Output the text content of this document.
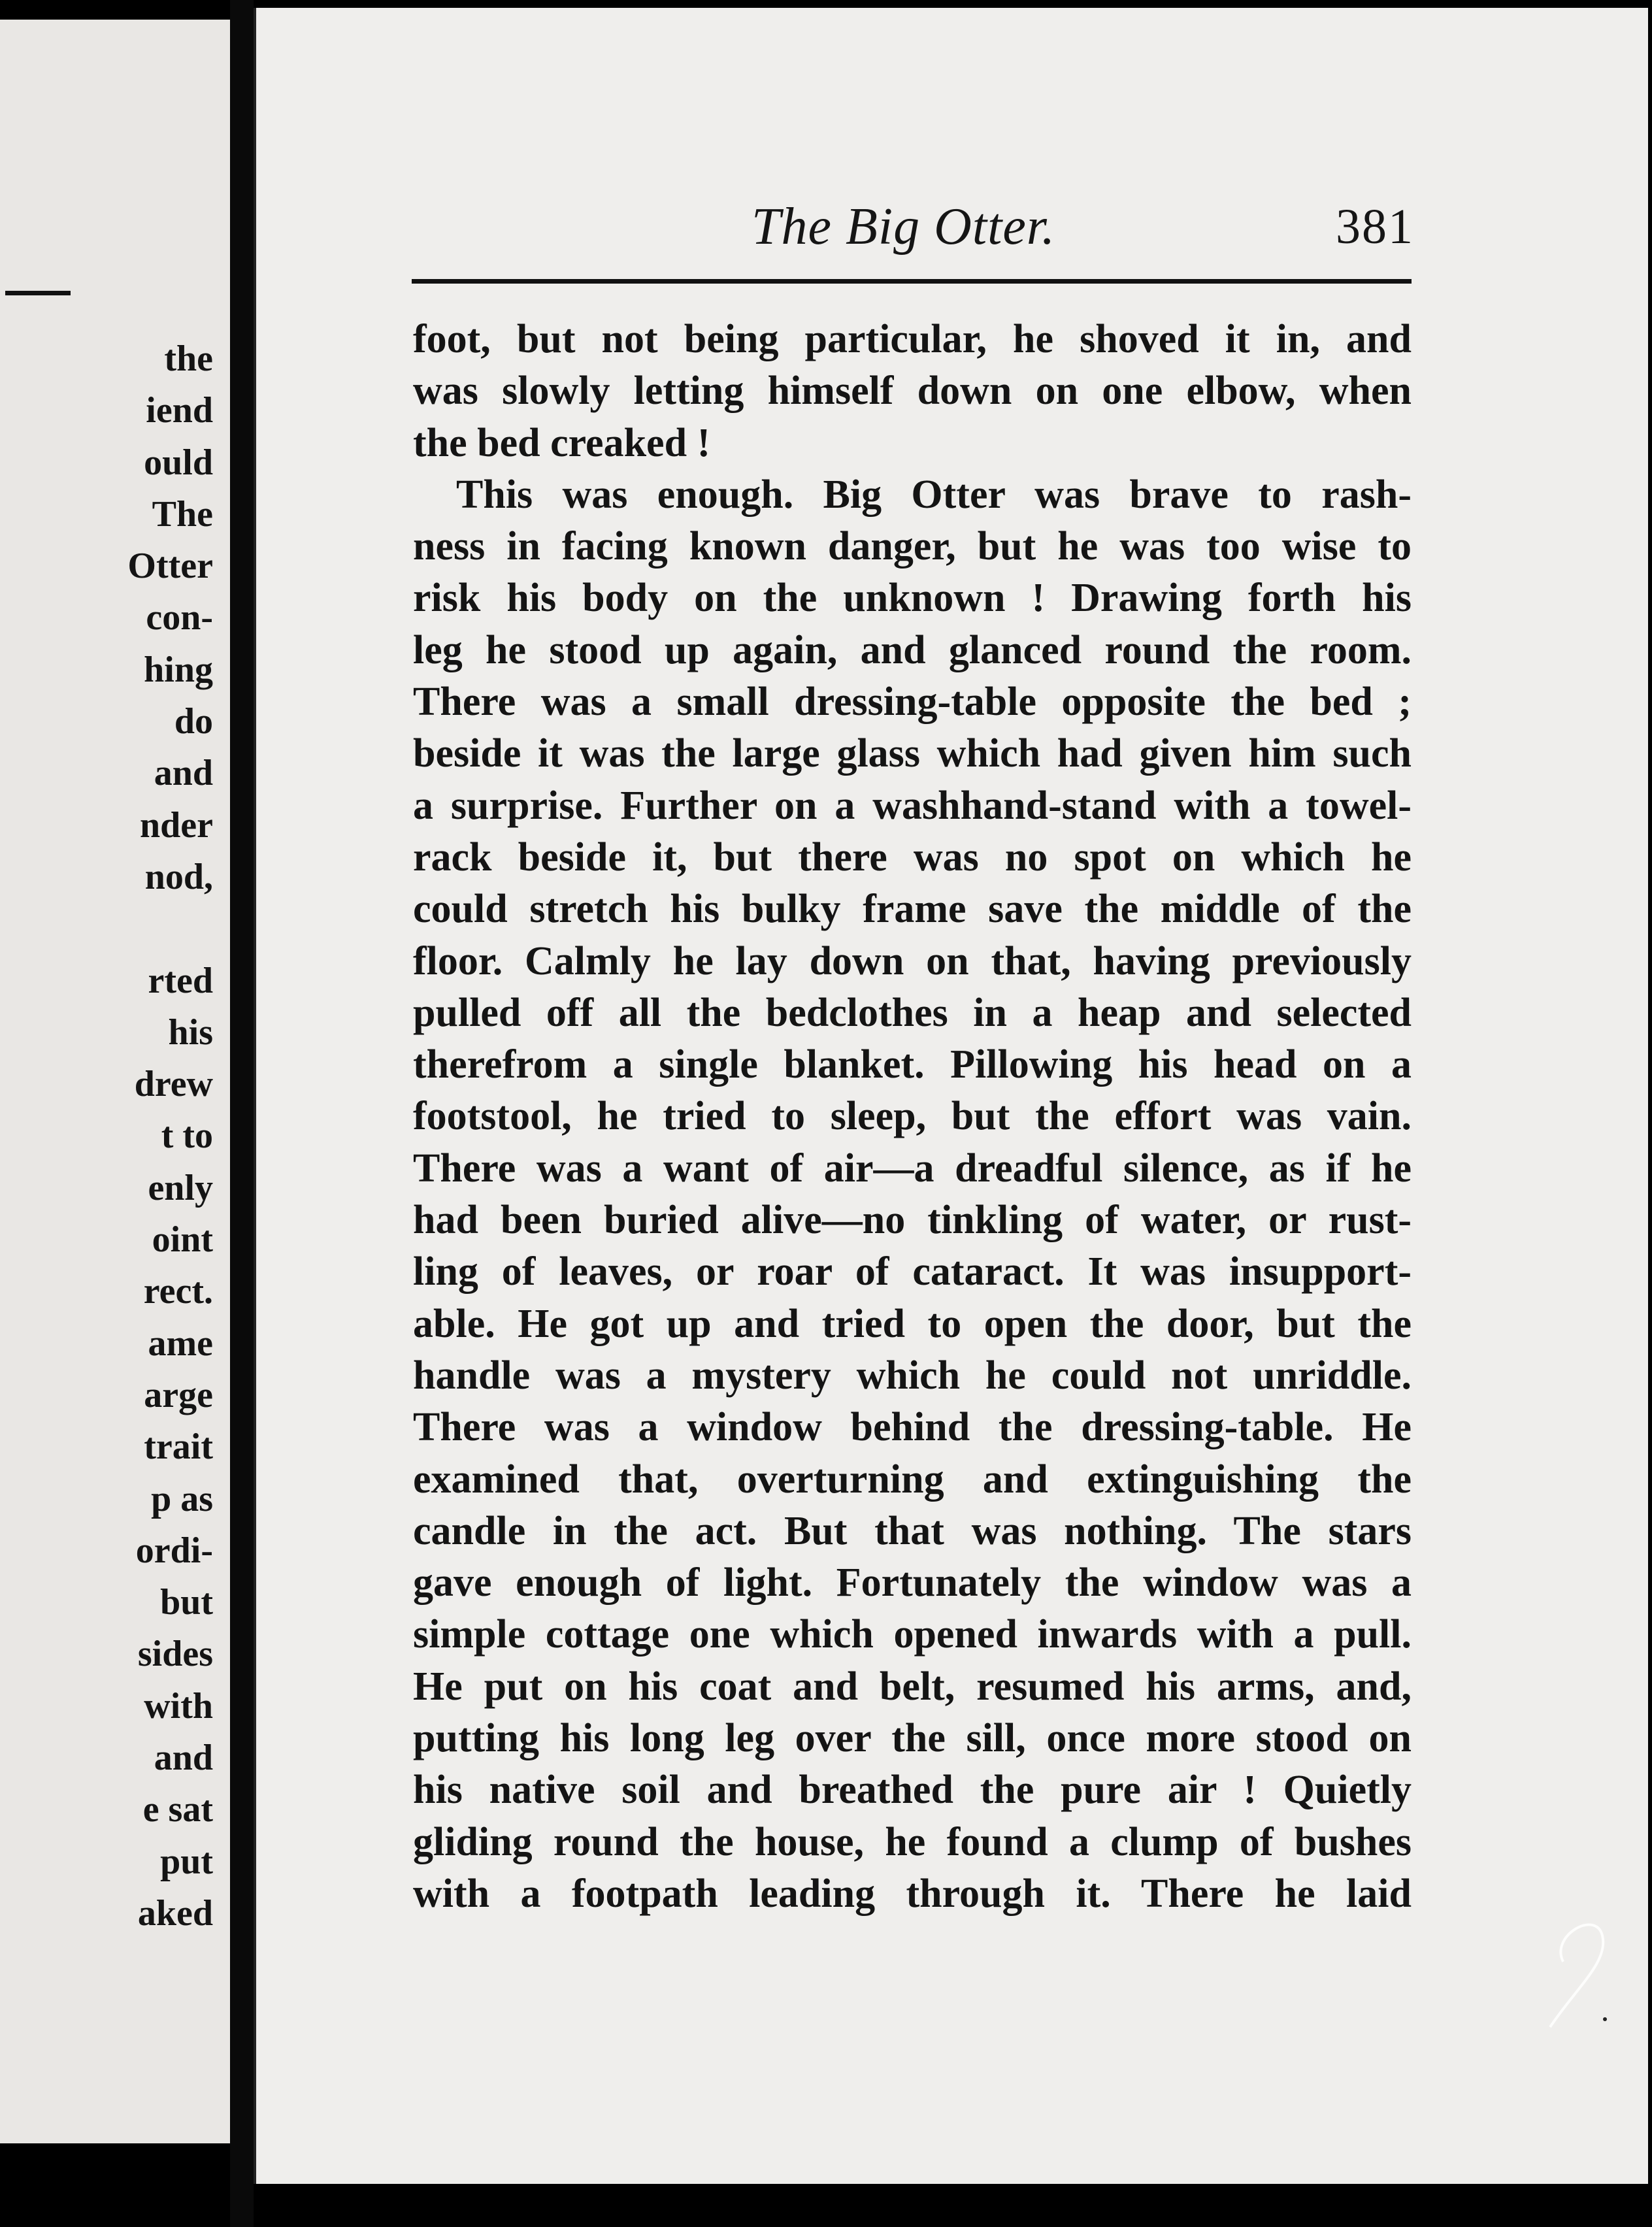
the
iend
ould
The
Otter
con-
hing
do
and
nder
nod,
rted
his
drew
t to
enly
oint
rect.
ame
arge
trait
p as
ordi-
but
sides
with
and
e sat
put
aked
The Big Otter.	381
foot, but not being particular, he shoved it in, and
was slowly letting himself down on one elbow, when
the bed creaked !
This was enough. Big Otter was brave to rash-
ness in facing known danger, but he was too wise to
risk his body on the unknown ! Drawing forth his
leg he stood up again, and glanced round the room.
There was a small dressing-table opposite the bed ;
beside it was the large glass which had given him such
a surprise. Further on a washhand-stand with a towel-
rack beside it, but there was no spot on which he
could stretch his bulky frame save the middle of the
floor. Calmly he lay down on that, having previously
pulled off all the bedclothes in a heap and selected
therefrom a single blanket. Pillowing his head on a
footstool, he tried to sleep, but the effort was vain.
There was a want of air—a dreadful silence, as if he
had been buried alive—no tinkling of water, or rust-
ling of leaves, or roar of cataract. It was insupport-
able. He got up and tried to open the door, but the
handle was a mystery which he could not unriddle.
There was a window behind the dressing-table. He
examined that, overturning and extinguishing the
candle in the act. But that was nothing. The stars
gave enough of light. Fortunately the window was a
simple cottage one which opened inwards with a pull.
He put on his coat and belt, resumed his arms, and,
putting his long leg over the sill, once more stood on
his native soil and breathed the pure air ! Quietly
gliding round the house, he found a clump of bushes
with a footpath leading through it. There he laid
